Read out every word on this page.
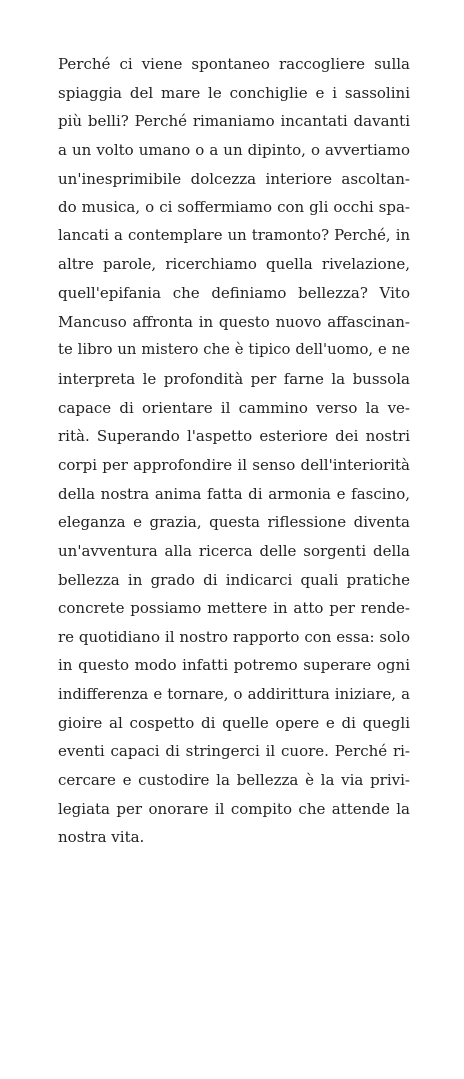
Perché ci viene spontaneo raccogliere sulla
spiaggia del mare le conchiglie e i sassolini
più belli? Perché rimaniamo incantati davanti
a un volto umano o a un dipinto, o avvertiamo
un'inesprimibile dolcezza interiore ascoltan-
do musica, o ci soffermiamo con gli occhi spa-
lancati a contemplare un tramonto? Perché, in
altre parole, ricerchiamo quella rivelazione,
quell'epifania che definiamo bellezza? Vito
Mancuso affronta in questo nuovo affascinan-
te libro un mistero che è tipico dell'uomo, e ne
interpreta le profondità per farne la bussola
capace di orientare il cammino verso la ve-
rità. Superando l'aspetto esteriore dei nostri
corpi per approfondire il senso dell'interiorità
della nostra anima fatta di armonia e fascino,
eleganza e grazia, questa riflessione diventa
un'avventura alla ricerca delle sorgenti della
bellezza in grado di indicarci quali pratiche
concrete possiamo mettere in atto per rende-
re quotidiano il nostro rapporto con essa: solo
in questo modo infatti potremo superare ogni
indifferenza e tornare, o addirittura iniziare, a
gioire al cospetto di quelle opere e di quegli
eventi capaci di stringerci il cuore. Perché ri-
cercare e custodire la bellezza è la via privi-
legiata per onorare il compito che attende la
nostra vita.
